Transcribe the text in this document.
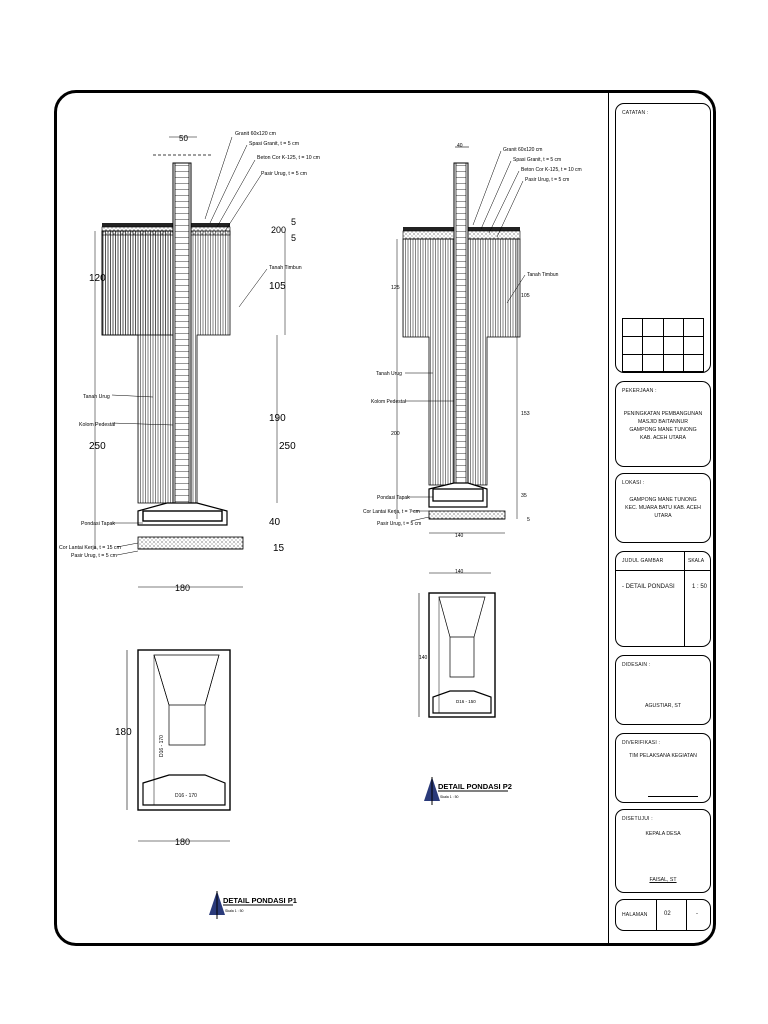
50
5
200
5
120
105
190
250	250
40
15
180
Granit 60x120 cm
Spasi Granit, t = 5 cm
Beton Cor K-125, t = 10 cm
Pasir Urug, t = 5 cm
Tanah Timbun
Tanah Urug
Kolom Pedestal
Pondasi Tapak
Cor Lantai Kerja, t = 15 cm
Pasir Urug, t = 5 cm
D16 - 170
D16 - 170
180
180
40
125
105
200
153
35
5
140
Granit 60x120 cm
Spasi Granit, t = 5 cm
Beton Cor K-125, t = 10 cm
Pasir Urug, t = 5 cm
Tanah Timbun
Tanah Urug
Kolom Pedestal
Pondasi Tapak
Cor Lantai Kerja, t = 7 cm
Pasir Urug, t = 5 cm
140
D16 - 150
140
DETAIL PONDASI P1
Skala 1 : 50
DETAIL PONDASI P2
Skala 1 : 50
CATATAN :
PEKERJAAN :
PENINGKATAN PEMBANGUNAN
MASJID BAITANNUR
GAMPONG MANE TUNONG
KAB. ACEH UTARA
LOKASI :
GAMPONG MANE TUNONG
KEC. MUARA BATU KAB. ACEH UTARA
JUDUL GAMBAR	SKALA
- DETAIL PONDASI	1 : 50
DIDESAIN :
AGUSTIAR, ST
DIVERIFIKASI :
TIM PELAKSANA KEGIATAN
DISETUJUI :
KEPALA DESA
FAISAL, ST
HALAMAN	02	-
